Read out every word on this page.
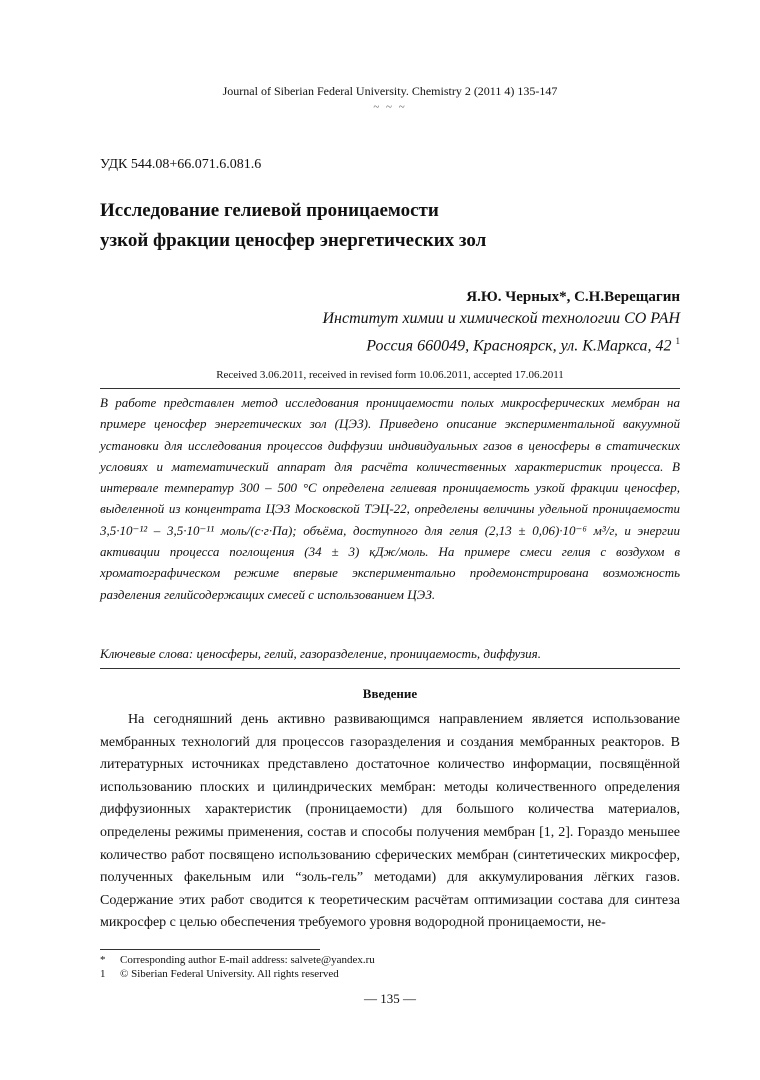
Journal of Siberian Federal University. Chemistry 2 (2011 4) 135-147
~ ~ ~
УДК 544.08+66.071.6.081.6
Исследование гелиевой проницаемости
узкой фракции ценосфер энергетических зол
Я.Ю. Черных*, С.Н.Верещагин
Институт химии и химической технологии СО РАН
Россия 660049, Красноярск, ул. К.Маркса, 42 $^1$
Received 3.06.2011, received in revised form 10.06.2011, accepted 17.06.2011
В работе представлен метод исследования проницаемости полых микросферических мембран на примере ценосфер энергетических зол (ЦЭЗ). Приведено описание экспериментальной вакуумной установки для исследования процессов диффузии индивидуальных газов в ценосферы в статических условиях и математический аппарат для расчёта количественных характеристик процесса. В интервале температур 300 – 500 °С определена гелиевая проницаемость узкой фракции ценосфер, выделенной из концентрата ЦЭЗ Московской ТЭЦ-22, определены величины удельной проницаемости 3,5·10⁻¹² – 3,5·10⁻¹¹ моль/(с·г·Па); объёма, доступного для гелия (2,13 ± 0,06)·10⁻⁶ м³/г, и энергии активации процесса поглощения (34 ± 3) кДж/моль. На примере смеси гелия с воздухом в хроматографическом режиме впервые экспериментально продемонстрирована возможность разделения гелийсодержащих смесей с использованием ЦЭЗ.
Ключевые слова: ценосферы, гелий, газоразделение, проницаемость, диффузия.
Введение
На сегодняшний день активно развивающимся направлением является использование мембранных технологий для процессов газоразделения и создания мембранных реакторов. В литературных источниках представлено достаточное количество информации, посвящённой использованию плоских и цилиндрических мембран: методы количественного определения диффузионных характеристик (проницаемости) для большого количества материалов, определены режимы применения, состав и способы получения мембран [1, 2]. Гораздо меньшее количество работ посвящено использованию сферических мембран (синтетических микросфер, полученных факельным или “золь-гель” методами) для аккумулирования лёгких газов. Содержание этих работ сводится к теоретическим расчётам оптимизации состава для синтеза микросфер с целью обеспечения требуемого уровня водородной проницаемости, не-
*	Corresponding author E-mail address: salvete@yandex.ru
1	© Siberian Federal University. All rights reserved
— 135 —
